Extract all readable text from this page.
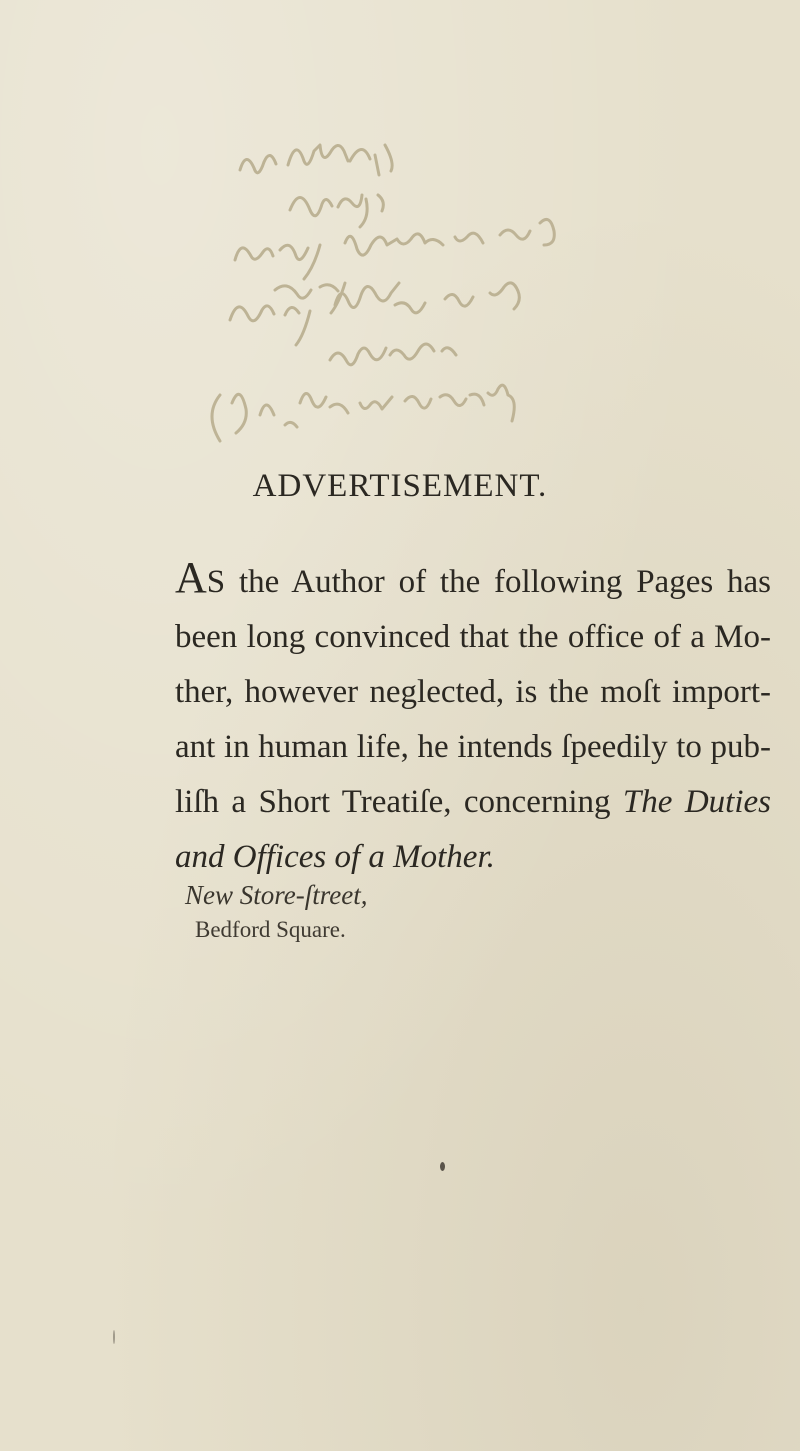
ADVERTISEMENT.

AS the Author of the following Pages has
been long convinced that the office of a Mo-
ther, however neglected, is the moſt import-
ant in human life, he intends ſpeedily to pub-
liſh a Short Treatiſe, concerning The Duties
and Offices of a Mother.

New Store-ſtreet,
Bedford Square.
